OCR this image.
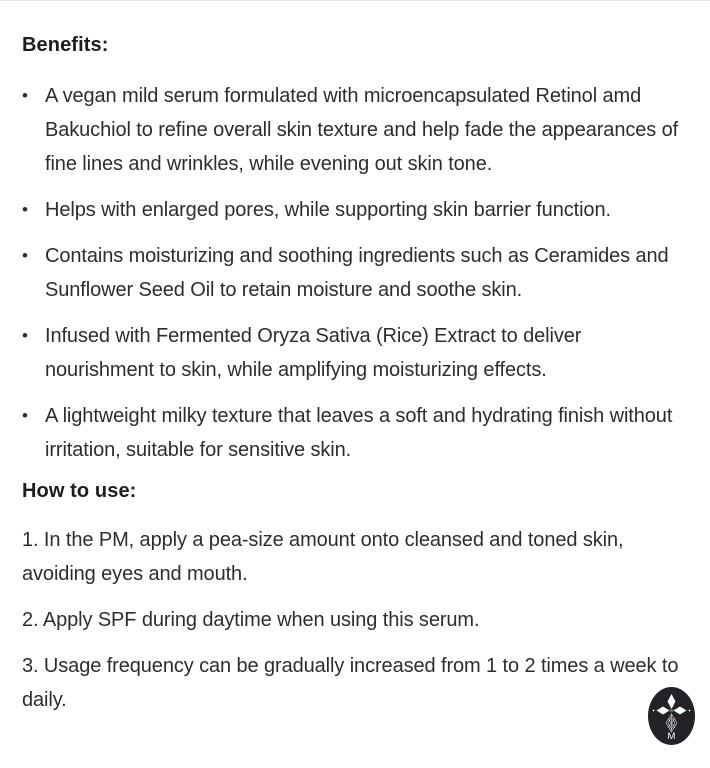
Benefits:
• A vegan mild serum formulated with microencapsulated Retinol amd Bakuchiol to refine overall skin texture and help fade the appearances of fine lines and wrinkles, while evening out skin tone.
• Helps with enlarged pores, while supporting skin barrier function.
• Contains moisturizing and soothing ingredients such as Ceramides and Sunflower Seed Oil to retain moisture and soothe skin.
• Infused with Fermented Oryza Sativa (Rice) Extract to deliver nourishment to skin, while amplifying moisturizing effects.
• A lightweight milky texture that leaves a soft and hydrating finish without irritation, suitable for sensitive skin.
How to use:
1. In the PM, apply a pea-size amount onto cleansed and toned skin, avoiding eyes and mouth.
2. Apply SPF during daytime when using this serum.
3. Usage frequency can be gradually increased from 1 to 2 times a week to daily.
M
